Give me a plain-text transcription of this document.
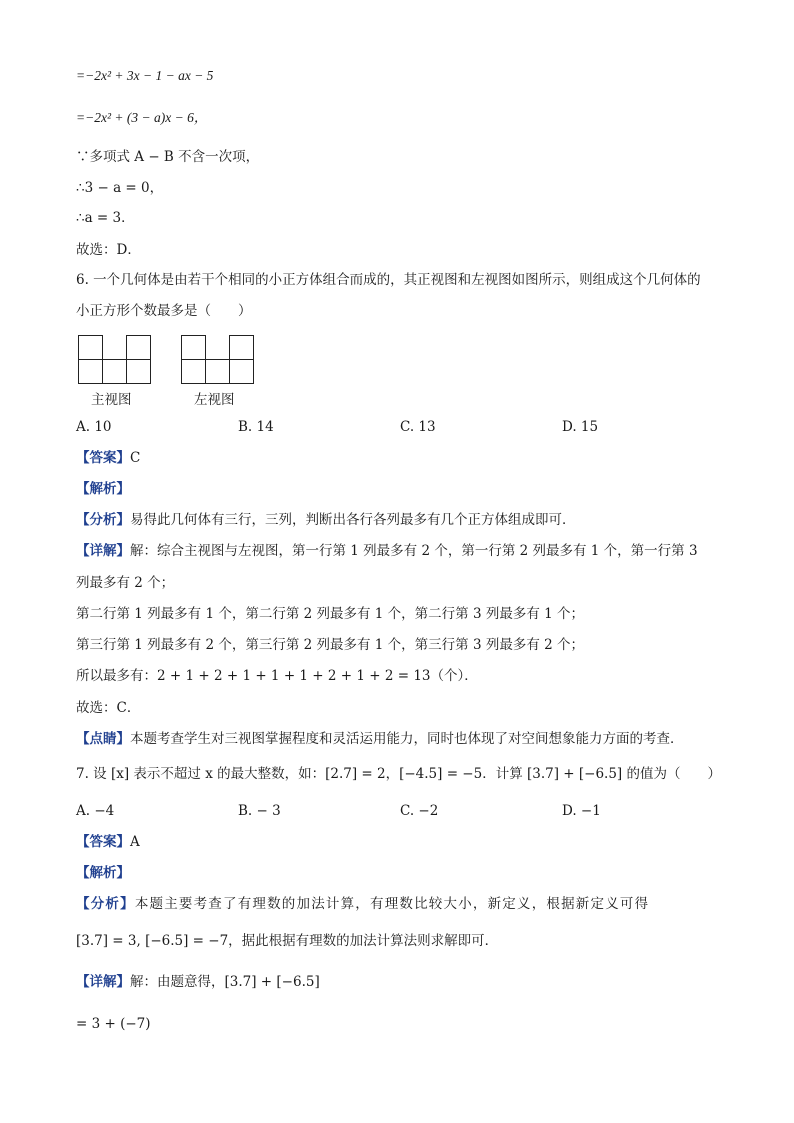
=−2x² + 3x − 1 − ax − 5
=−2x² + (3 − a)x − 6，
∵多项式 A − B 不含一次项，
∴3 − a = 0，
∴a = 3．
故选：D．
6. 一个几何体是由若干个相同的小正方体组合而成的，其正视图和左视图如图所示，则组成这个几何体的
小正方形个数最多是（　　）
主视图	左视图
A. 10	B. 14	C. 13	D. 15
【答案】C
【解析】
【分析】易得此几何体有三行，三列，判断出各行各列最多有几个正方体组成即可．
【详解】解：综合主视图与左视图，第一行第 1 列最多有 2 个，第一行第 2 列最多有 1 个，第一行第 3
列最多有 2 个；
第二行第 1 列最多有 1 个，第二行第 2 列最多有 1 个，第二行第 3 列最多有 1 个；
第三行第 1 列最多有 2 个，第三行第 2 列最多有 1 个，第三行第 3 列最多有 2 个；
所以最多有：2 + 1 + 2 + 1 + 1 + 1 + 2 + 1 + 2 = 13（个）．
故选：C．
【点睛】本题考查学生对三视图掌握程度和灵活运用能力，同时也体现了对空间想象能力方面的考查．
7. 设 [x] 表示不超过 x 的最大整数，如：[2.7] = 2，[−4.5] = −5．计算 [3.7] + [−6.5] 的值为（　　）
A. −4	B. − 3	C. −2	D. −1
【答案】A
【解析】
【分析】本题主要考查了有理数的加法计算，有理数比较大小，新定义，根据新定义可得
[3.7] = 3, [−6.5] = −7，据此根据有理数的加法计算法则求解即可．
【详解】解：由题意得，[3.7] + [−6.5]
= 3 + (−7)
